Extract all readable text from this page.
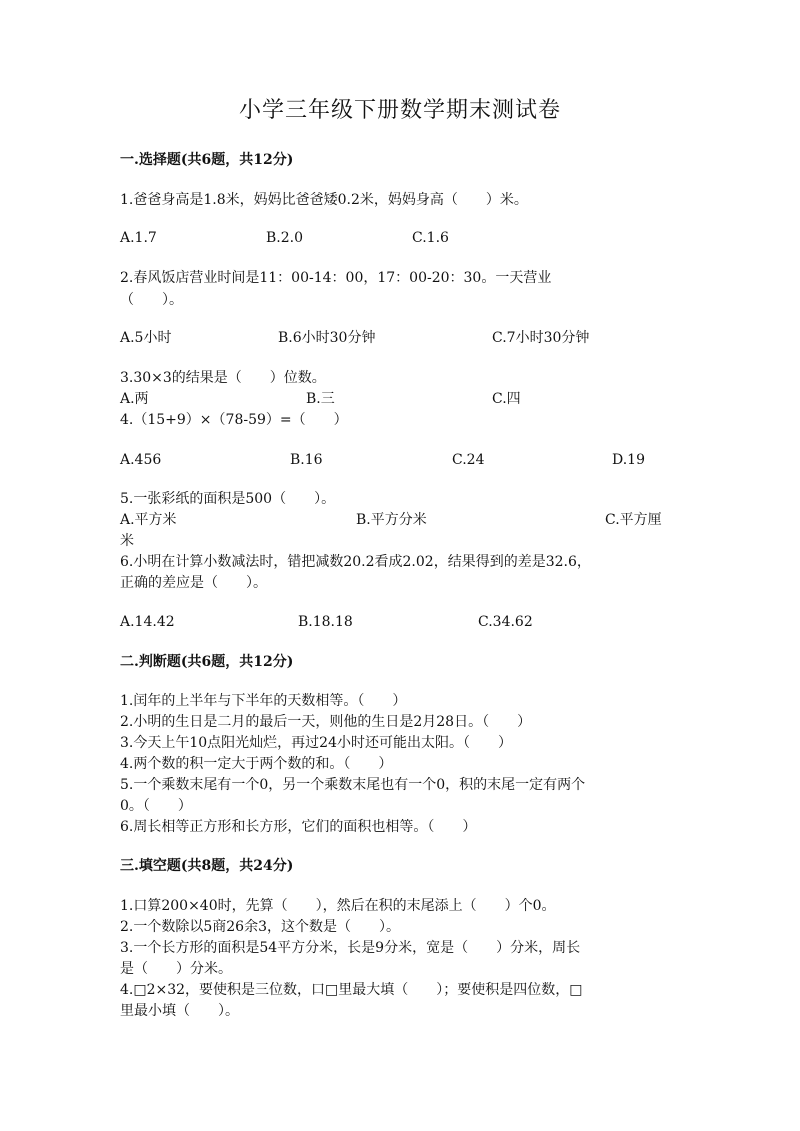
小学三年级下册数学期末测试卷
一.选择题(共6题，共12分)
1.爸爸身高是1.8米，妈妈比爸爸矮0.2米，妈妈身高（　　）米。
A.1.7	B.2.0	C.1.6
2.春风饭店营业时间是11：00-14：00，17：00-20：30。一天营业
（　　）。
A.5小时	B.6小时30分钟	C.7小时30分钟
3.30×3的结果是（　　）位数。
A.两	B.三	C.四
4.（15+9）×（78-59）=（　　）
A.456	B.16	C.24	D.19
5.一张彩纸的面积是500（　　）。
A.平方米	B.平方分米	C.平方厘
米
6.小明在计算小数减法时，错把减数20.2看成2.02，结果得到的差是32.6，
正确的差应是（　　）。
A.14.42	B.18.18	C.34.62
二.判断题(共6题，共12分)
1.闰年的上半年与下半年的天数相等。（　　）
2.小明的生日是二月的最后一天，则他的生日是2月28日。（　　）
3.今天上午10点阳光灿烂，再过24小时还可能出太阳。（　　）
4.两个数的积一定大于两个数的和。（　　）
5.一个乘数末尾有一个0，另一个乘数末尾也有一个0，积的末尾一定有两个
0。（　　）
6.周长相等正方形和长方形，它们的面积也相等。（　　）
三.填空题(共8题，共24分)
1.口算200×40时，先算（　　），然后在积的末尾添上（　　）个0。
2.一个数除以5商26余3，这个数是（　　）。
3.一个长方形的面积是54平方分米，长是9分米，宽是（　　）分米，周长
是（　　）分米。
4.□2×32，要使积是三位数，口□里最大填（　　）；要使积是四位数，□
里最小填（　　）。
